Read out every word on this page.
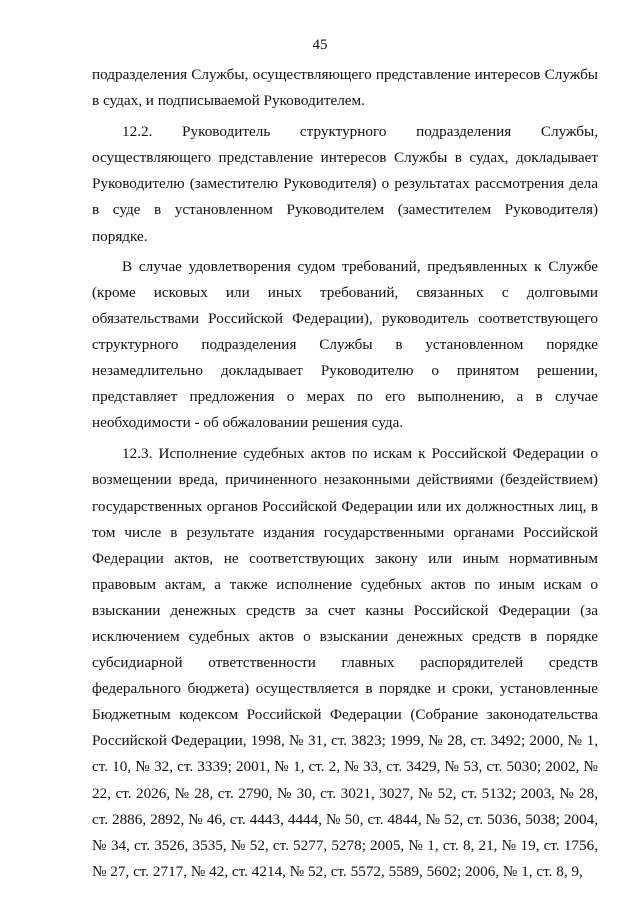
45

подразделения Службы, осуществляющего представление интересов Службы в судах, и подписываемой Руководителем.

12.2. Руководитель структурного подразделения Службы, осуществляющего представление интересов Службы в судах, докладывает Руководителю (заместителю Руководителя) о результатах рассмотрения дела в суде в установленном Руководителем (заместителем Руководителя) порядке.

В случае удовлетворения судом требований, предъявленных к Службе (кроме исковых или иных требований, связанных с долговыми обязательствами Российской Федерации), руководитель соответствующего структурного подразделения Службы в установленном порядке незамедлительно докладывает Руководителю о принятом решении, представляет предложения о мерах по его выполнению, а в случае необходимости - об обжаловании решения суда.

12.3. Исполнение судебных актов по искам к Российской Федерации о возмещении вреда, причиненного незаконными действиями (бездействием) государственных органов Российской Федерации или их должностных лиц, в том числе в результате издания государственными органами Российской Федерации актов, не соответствующих закону или иным нормативным правовым актам, а также исполнение судебных актов по иным искам о взыскании денежных средств за счет казны Российской Федерации (за исключением судебных актов о взыскании денежных средств в порядке субсидиарной ответственности главных распорядителей средств федерального бюджета) осуществляется в порядке и сроки, установленные Бюджетным кодексом Российской Федерации (Собрание законодательства Российской Федерации, 1998, № 31, ст. 3823; 1999, № 28, ст. 3492; 2000, № 1, ст. 10, № 32, ст. 3339; 2001, № 1, ст. 2, № 33, ст. 3429, № 53, ст. 5030; 2002, № 22, ст. 2026, № 28, ст. 2790, № 30, ст. 3021, 3027, № 52, ст. 5132; 2003, № 28, ст. 2886, 2892, № 46, ст. 4443, 4444, № 50, ст. 4844, № 52, ст. 5036, 5038; 2004, № 34, ст. 3526, 3535, № 52, ст. 5277, 5278; 2005, № 1, ст. 8, 21, № 19, ст. 1756, № 27, ст. 2717, № 42, ст. 4214, № 52, ст. 5572, 5589, 5602; 2006, № 1, ст. 8, 9,
